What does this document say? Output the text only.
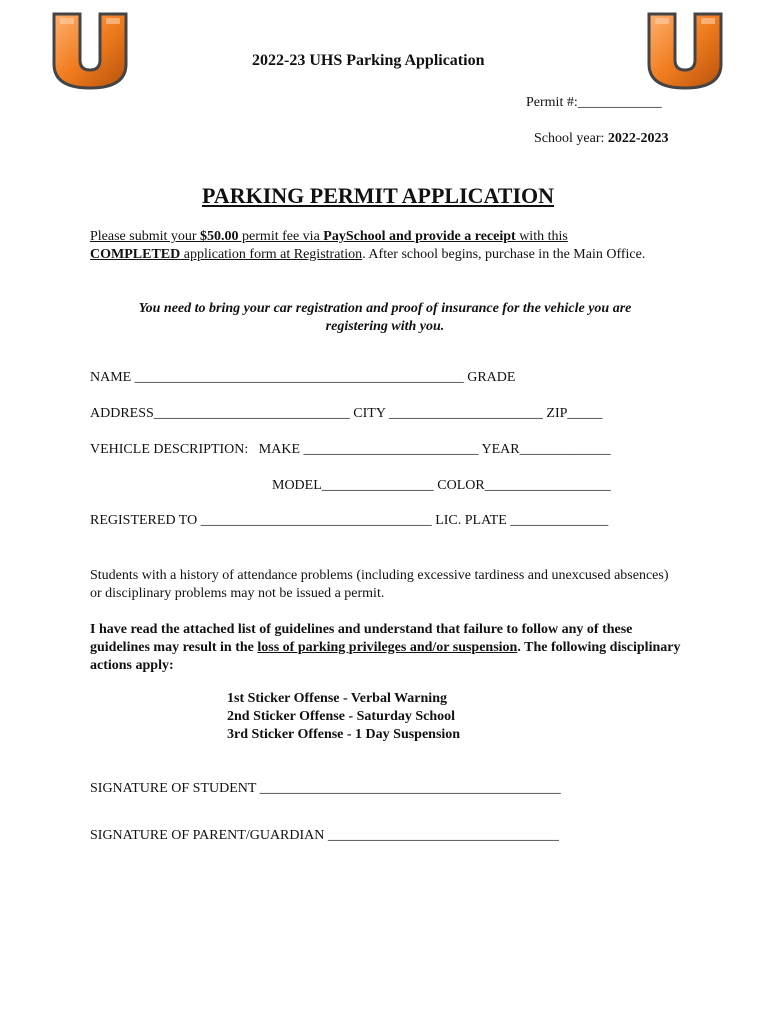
2022-23 UHS Parking Application
Permit #:____________
School year: 2022-2023
PARKING PERMIT APPLICATION
Please submit your $50.00 permit fee via PaySchool and provide a receipt with this COMPLETED application form at Registration. After school begins, purchase in the Main Office.
You need to bring your car registration and proof of insurance for the vehicle you are registering with you.
NAME _______________________________________________ GRADE
ADDRESS____________________________ CITY ______________________ ZIP_____
VEHICLE DESCRIPTION:   MAKE _________________________ YEAR_____________
MODEL________________ COLOR__________________
REGISTERED TO _________________________________ LIC. PLATE ______________
Students with a history of attendance problems (including excessive tardiness and unexcused absences) or disciplinary problems may not be issued a permit.
I have read the attached list of guidelines and understand that failure to follow any of these guidelines may result in the loss of parking privileges and/or suspension. The following disciplinary actions apply:
1st Sticker Offense - Verbal Warning
2nd Sticker Offense - Saturday School
3rd Sticker Offense - 1 Day Suspension
SIGNATURE OF STUDENT ___________________________________________
SIGNATURE OF PARENT/GUARDIAN _________________________________
